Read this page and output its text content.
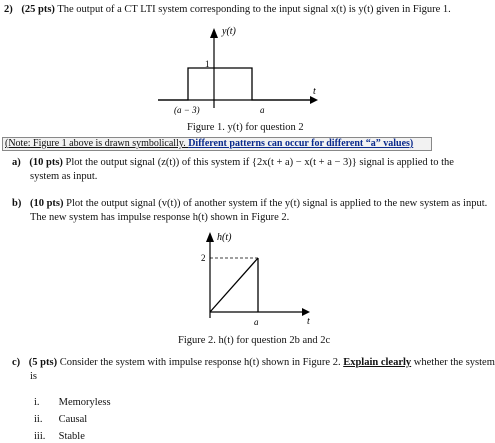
2) (25 pts) The output of a CT LTI system corresponding to the input signal x(t) is y(t) given in Figure 1.
y(t)
1
(a − 3)	a
t
Figure 1. y(t) for question 2
(Note: Figure 1 above is drawn symbolically. Different patterns can occur for different “a” values)
a) (10 pts) Plot the output signal (z(t)) of this system if {2x(t + a) − x(t + a − 3)} signal is applied to the
system as input.
b) (10 pts) Plot the output signal (v(t)) of another system if the y(t) signal is applied to the new system as input.
The new system has impulse response h(t) shown in Figure 2.
h(t)
2
a	t
Figure 2. h(t) for question 2b and 2c
c) (5 pts) Consider the system with impulse response h(t) shown in Figure 2. Explain clearly whether the system
is
i. Memoryless
ii. Causal
iii. Stable
